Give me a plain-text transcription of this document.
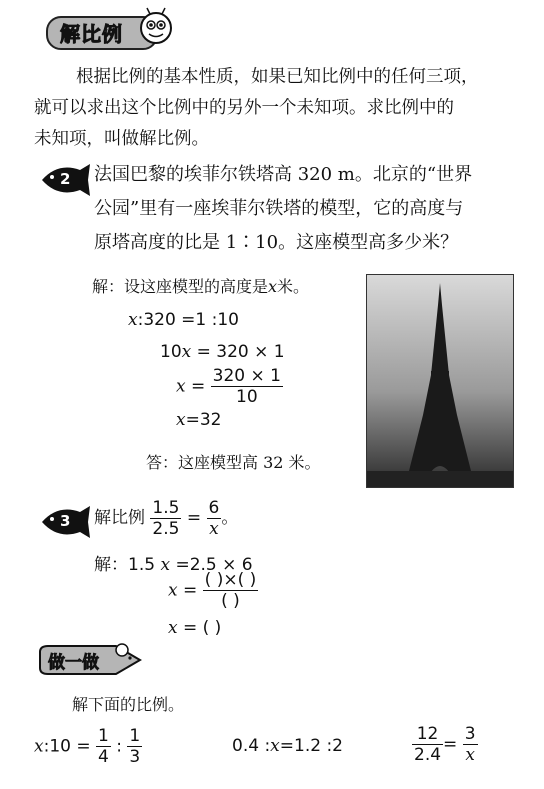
解比例
根据比例的基本性质，如果已知比例中的任何三项，
就可以求出这个比例中的另外一个未知项。求比例中的
未知项，叫做解比例。
2 法国巴黎的埃菲尔铁塔高 320 m。北京的“世界
公园”里有一座埃菲尔铁塔的模型，它的高度与
原塔高度的比是 1∶10。这座模型高多少米？
解：设这座模型的高度是x米。
x:320 =1 :10
10x = 320 × 1
$x = \frac{320 \times 1}{10}$
x=32
答：这座模型高 32 米。
3 解比例 $\frac{1.5}{2.5} = \frac{6}{x}$ 。
解：1.5 x =2.5 × 6
$x = \frac{( )\times( )}{( )}$
x = ( )
做一做
解下面的比例。
x:10 = $\frac{1}{4}$ : $\frac{1}{3}$	0.4 :x=1.2 :2	$\frac{12}{2.4} = \frac{3}{x}$
